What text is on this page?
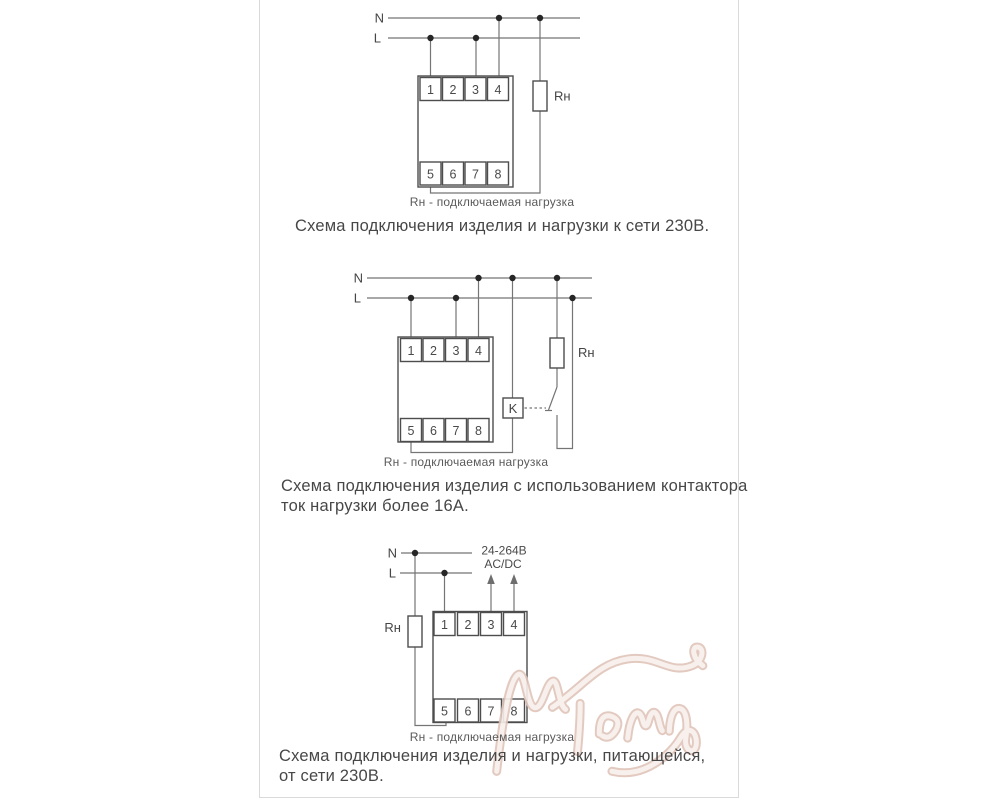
N
L
1 2 3 4
5 6 7 8
Rн
N
L
1 2 3 4
5 6 7 8
K
Rн
N
L
24-264В
AC/DC
1 2 3 4
5 6 7 8
Rн
Rн - подключаемая нагрузка
Схема подключения изделия и нагрузки к сети 230В.
Rн - подключаемая нагрузка
Схема подключения изделия с использованием контактора
ток нагрузки более 16А.
Rн - подключаемая нагрузка
Схема подключения изделия и нагрузки, питающейся,
от сети 230В.
